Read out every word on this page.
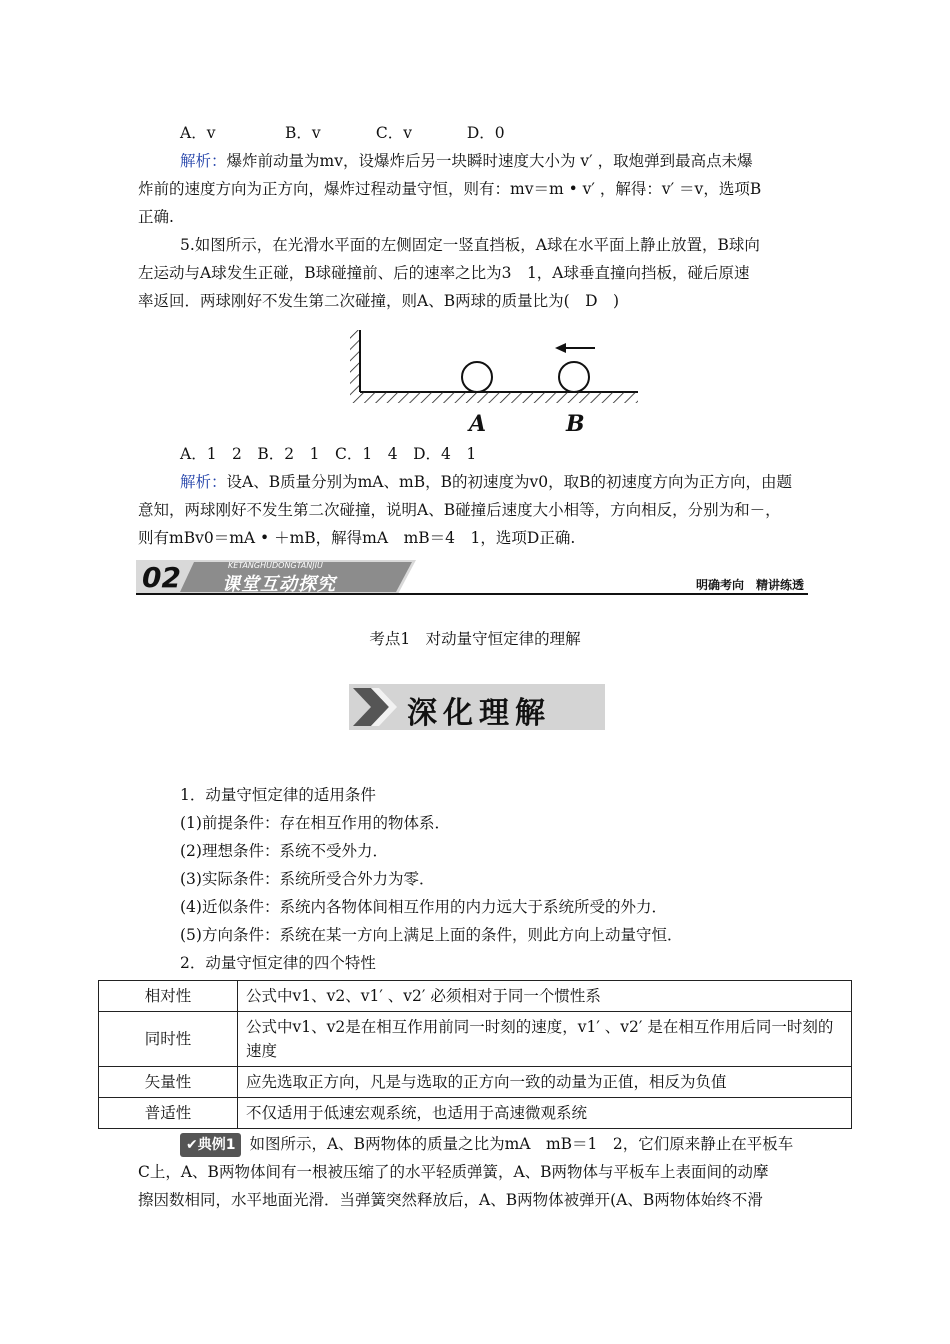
A．v	B．v	C．v	D．0
解析：爆炸前动量为mv，设爆炸后另一块瞬时速度大小为 v′ ，取炮弹到最高点未爆
炸前的速度方向为正方向，爆炸过程动量守恒，则有：mv＝m • v′ ，解得：v′ ＝v，选项B
正确.
5.如图所示，在光滑水平面的左侧固定一竖直挡板，A球在水平面上静止放置，B球向
左运动与A球发生正碰，B球碰撞前、后的速率之比为3　1，A球垂直撞向挡板，碰后原速
率返回．两球刚好不发生第二次碰撞，则A、B两球的质量比为(　D　)
A	B
A．1　2　B．2　1　C．1　4　D．4　1
解析：设A、B质量分别为mA、mB，B的初速度为v0，取B的初速度方向为正方向，由题
意知，两球刚好不发生第二次碰撞，说明A、B碰撞后速度大小相等，方向相反，分别为和－，
则有mBv0＝mA • ＋mB，解得mA　mB＝4　1，选项D正确.
02	KETANGHUDONGTANJIU
课堂互动探究	明确考向　精讲练透
考点1　对动量守恒定律的理解
深化理解
1．动量守恒定律的适用条件
(1)前提条件：存在相互作用的物体系．
(2)理想条件：系统不受外力．
(3)实际条件：系统所受合外力为零．
(4)近似条件：系统内各物体间相互作用的内力远大于系统所受的外力．
(5)方向条件：系统在某一方向上满足上面的条件，则此方向上动量守恒．
2．动量守恒定律的四个特性
相对性	公式中v1、v2、v1′ 、v2′ 必须相对于同一个惯性系
同时性	公式中v1、v2是在相互作用前同一时刻的速度，v1′ 、v2′ 是在相互作用后同一时刻的速度
矢量性	应先选取正方向，凡是与选取的正方向一致的动量为正值，相反为负值
普适性	不仅适用于低速宏观系统，也适用于高速微观系统
✔典例1 如图所示，A、B两物体的质量之比为mA　mB＝1　2，它们原来静止在平板车
C上，A、B两物体间有一根被压缩了的水平轻质弹簧，A、B两物体与平板车上表面间的动摩
擦因数相同，水平地面光滑．当弹簧突然释放后，A、B两物体被弹开(A、B两物体始终不滑
